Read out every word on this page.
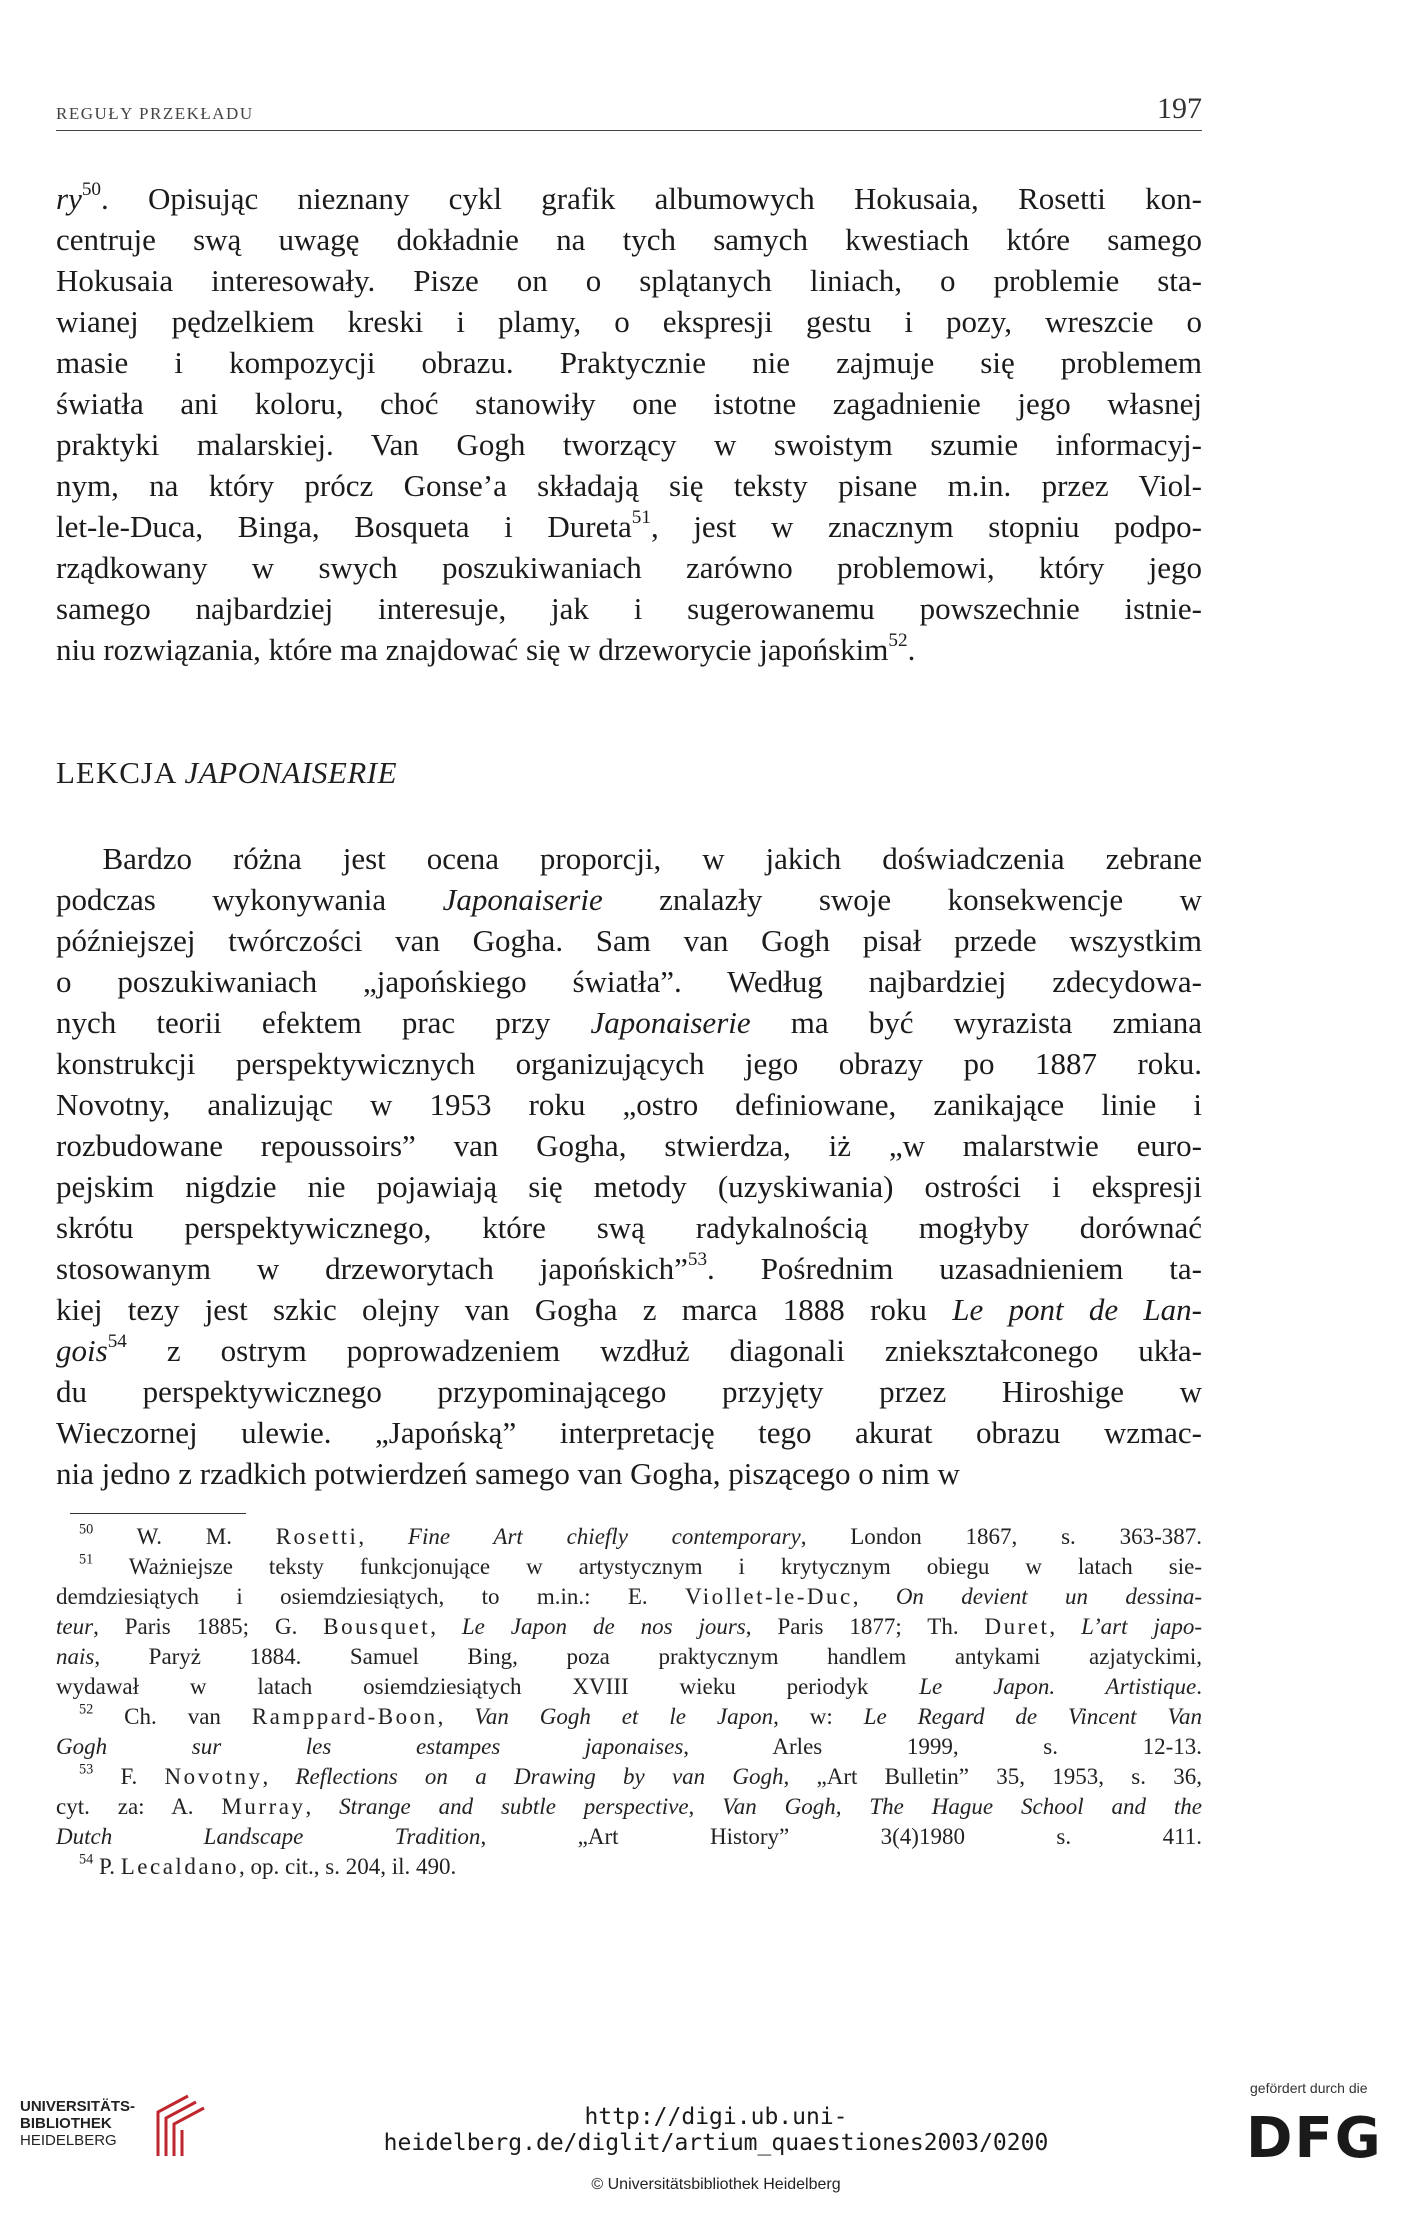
REGUŁY PRZEKŁADU	197
$ry^{50}$. Opisując nieznany cykl grafik albumowych Hokusaia, Rosetti kon-
centruje swą uwagę dokładnie na tych samych kwestiach które samego
Hokusaia interesowały. Pisze on o splątanych liniach, o problemie sta-
wianej pędzelkiem kreski i plamy, o ekspresji gestu i pozy, wreszcie o
masie i kompozycji obrazu. Praktycznie nie zajmuje się problemem
światła ani koloru, choć stanowiły one istotne zagadnienie jego własnej
praktyki malarskiej. Van Gogh tworzący w swoistym szumie informacyj-
nym, na który prócz Gonse’a składają się teksty pisane m.in. przez Viol-
let-le-Duca, Binga, Bosqueta i Dureta$^{51}$, jest w znacznym stopniu podpo-
rządkowany w swych poszukiwaniach zarówno problemowi, który jego
samego najbardziej interesuje, jak i sugerowanemu powszechnie istnie-
niu rozwiązania, które ma znajdować się w drzeworycie japońskim$^{52}$.
LEKCJA JAPONAISERIE
  Bardzo różna jest ocena proporcji, w jakich doświadczenia zebrane
podczas wykonywania Japonaiserie znalazły swoje konsekwencje w
późniejszej twórczości van Gogha. Sam van Gogh pisał przede wszystkim
o poszukiwaniach „japońskiego światła”. Według najbardziej zdecydowa-
nych teorii efektem prac przy Japonaiserie ma być wyrazista zmiana
konstrukcji perspektywicznych organizujących jego obrazy po 1887 roku.
Novotny, analizując w 1953 roku „ostro definiowane, zanikające linie i
rozbudowane repoussoirs” van Gogha, stwierdza, iż „w malarstwie euro-
pejskim nigdzie nie pojawiają się metody (uzyskiwania) ostrości i ekspresji
skrótu perspektywicznego, które swą radykalnością mogłyby dorównać
stosowanym w drzeworytach japońskich”$^{53}$. Pośrednim uzasadnieniem ta-
kiej tezy jest szkic olejny van Gogha z marca 1888 roku Le pont de Lan-
gois$^{54}$ z ostrym poprowadzeniem wzdłuż diagonali zniekształconego ukła-
du perspektywicznego przypominającego przyjęty przez Hiroshige w
Wieczornej ulewie. „Japońską” interpretację tego akurat obrazu wzmac-
nia jedno z rzadkich potwierdzeń samego van Gogha, piszącego o nim w
 $^{50}$ W. M. Rosetti, Fine Art chiefly contemporary, London 1867, s. 363-387.
 $^{51}$ Ważniejsze teksty funkcjonujące w artystycznym i krytycznym obiegu w latach sie-
demdziesiątych i osiemdziesiątych, to m.in.: E. Viollet-le-Duc, On devient un dessina-
teur, Paris 1885; G. Bousquet, Le Japon de nos jours, Paris 1877; Th. Duret, L’art japo-
nais, Paryż 1884. Samuel Bing, poza praktycznym handlem antykami azjatyckimi,
wydawał w latach osiemdziesiątych XVIII wieku periodyk Le Japon. Artistique.
 $^{52}$ Ch. van Ramppard-Boon, Van Gogh et le Japon, w: Le Regard de Vincent Van
Gogh sur les estampes japonaises, Arles 1999, s. 12-13.
 $^{53}$ F. Novotny, Reflections on a Drawing by van Gogh, „Art Bulletin” 35, 1953, s. 36,
cyt. za: A. Murray, Strange and subtle perspective, Van Gogh, The Hague School and the
Dutch Landscape Tradition, „Art History” 3(4)1980 s. 411.
 $^{54}$ P. Lecaldano, op. cit., s. 204, il. 490.
UNIVERSITÄTS-
BIBLIOTHEK
HEIDELBERG
http://digi.ub.uni-heidelberg.de/diglit/artium_quaestiones2003/0200
© Universitätsbibliothek Heidelberg
gefördert durch die
DFG
